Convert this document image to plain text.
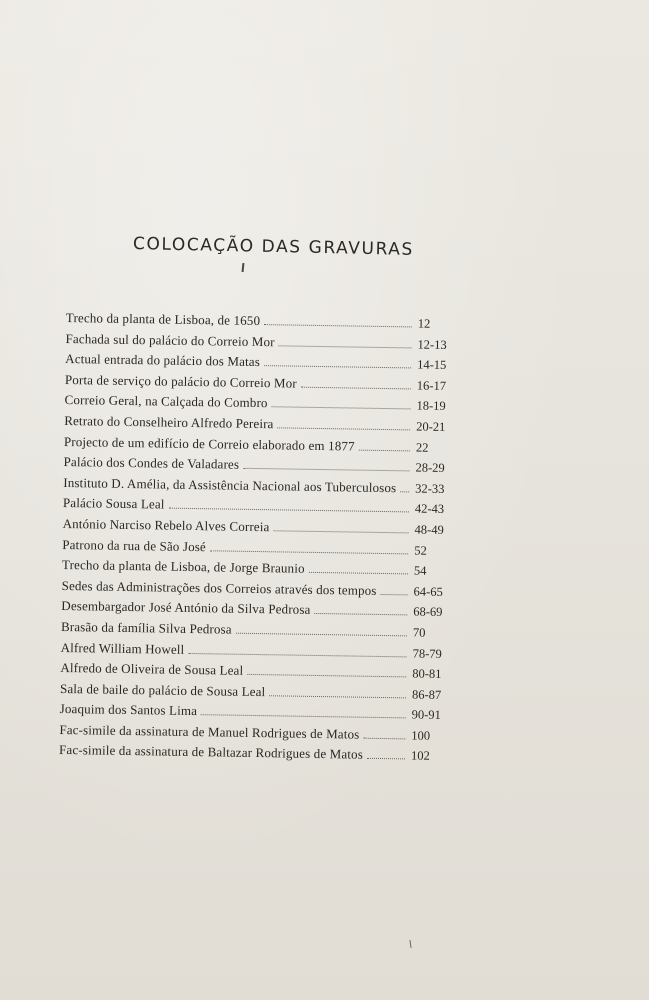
COLOCAÇÃO DAS GRAVURAS
Trecho da planta de Lisboa, de 1650	12
Fachada sul do palácio do Correio Mor	12-13
Actual entrada do palácio dos Matas	14-15
Porta de serviço do palácio do Correio Mor	16-17
Correio Geral, na Calçada do Combro	18-19
Retrato do Conselheiro Alfredo Pereira	20-21
Projecto de um edifício de Correio elaborado em 1877	22
Palácio dos Condes de Valadares	28-29
Instituto D. Amélia, da Assistência Nacional aos Tuberculosos 32-33
Palácio Sousa Leal	42-43
António Narciso Rebelo Alves Correia	48-49
Patrono da rua de São José	52
Trecho da planta de Lisboa, de Jorge Braunio	54
Sedes das Administrações dos Correios através dos tempos	64-65
Desembargador José António da Silva Pedrosa	68-69
Brasão da família Silva Pedrosa	70
Alfred William Howell	78-79
Alfredo de Oliveira de Sousa Leal	80-81
Sala de baile do palácio de Sousa Leal	86-87
Joaquim dos Santos Lima	90-91
Fac-simile da assinatura de Manuel Rodrigues de Matos	100
Fac-simile da assinatura de Baltazar Rodrigues de Matos	102
